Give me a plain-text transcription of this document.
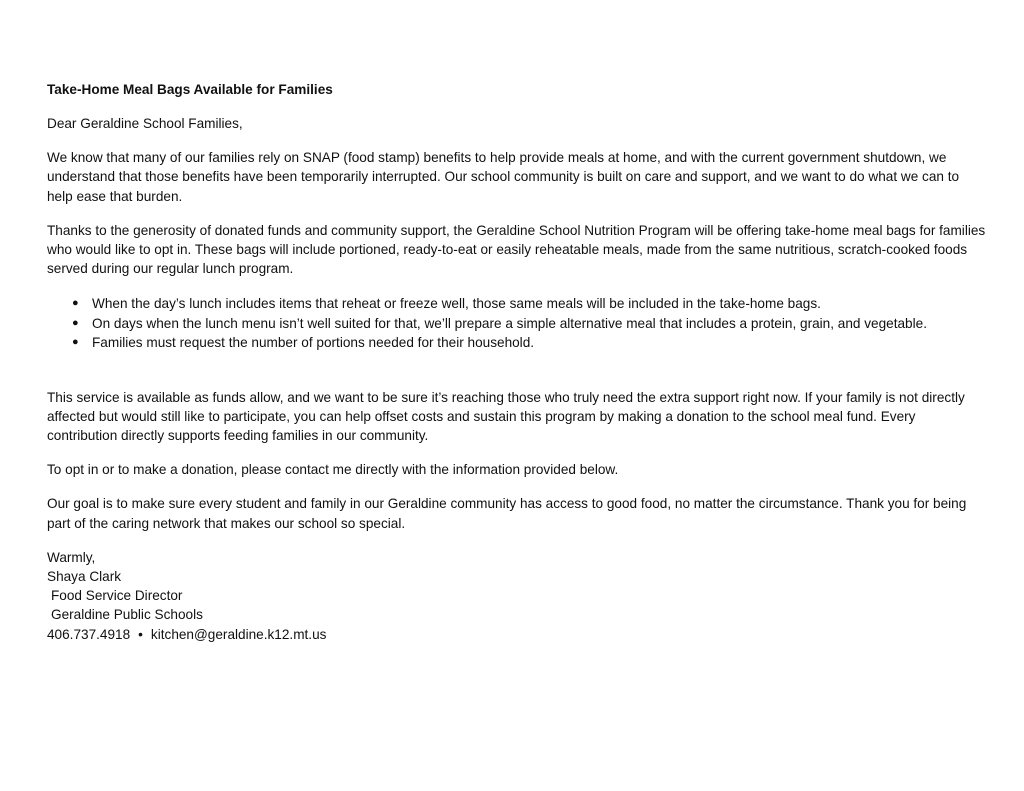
Take-Home Meal Bags Available for Families

Dear Geraldine School Families,

We know that many of our families rely on SNAP (food stamp) benefits to help provide meals at home, and with the current government shutdown, we understand that those benefits have been temporarily interrupted. Our school community is built on care and support, and we want to do what we can to help ease that burden.

Thanks to the generosity of donated funds and community support, the Geraldine School Nutrition Program will be offering take-home meal bags for families who would like to opt in. These bags will include portioned, ready-to-eat or easily reheatable meals, made from the same nutritious, scratch-cooked foods served during our regular lunch program.

● When the day’s lunch includes items that reheat or freeze well, those same meals will be included in the take-home bags.
● On days when the lunch menu isn’t well suited for that, we’ll prepare a simple alternative meal that includes a protein, grain, and vegetable.
● Families must request the number of portions needed for their household.

This service is available as funds allow, and we want to be sure it’s reaching those who truly need the extra support right now. If your family is not directly affected but would still like to participate, you can help offset costs and sustain this program by making a donation to the school meal fund. Every contribution directly supports feeding families in our community.

To opt in or to make a donation, please contact me directly with the information provided below.

Our goal is to make sure every student and family in our Geraldine community has access to good food, no matter the circumstance. Thank you for being part of the caring network that makes our school so special.

Warmly,
Shaya Clark
Food Service Director
Geraldine Public Schools
406.737.4918 • kitchen@geraldine.k12.mt.us
